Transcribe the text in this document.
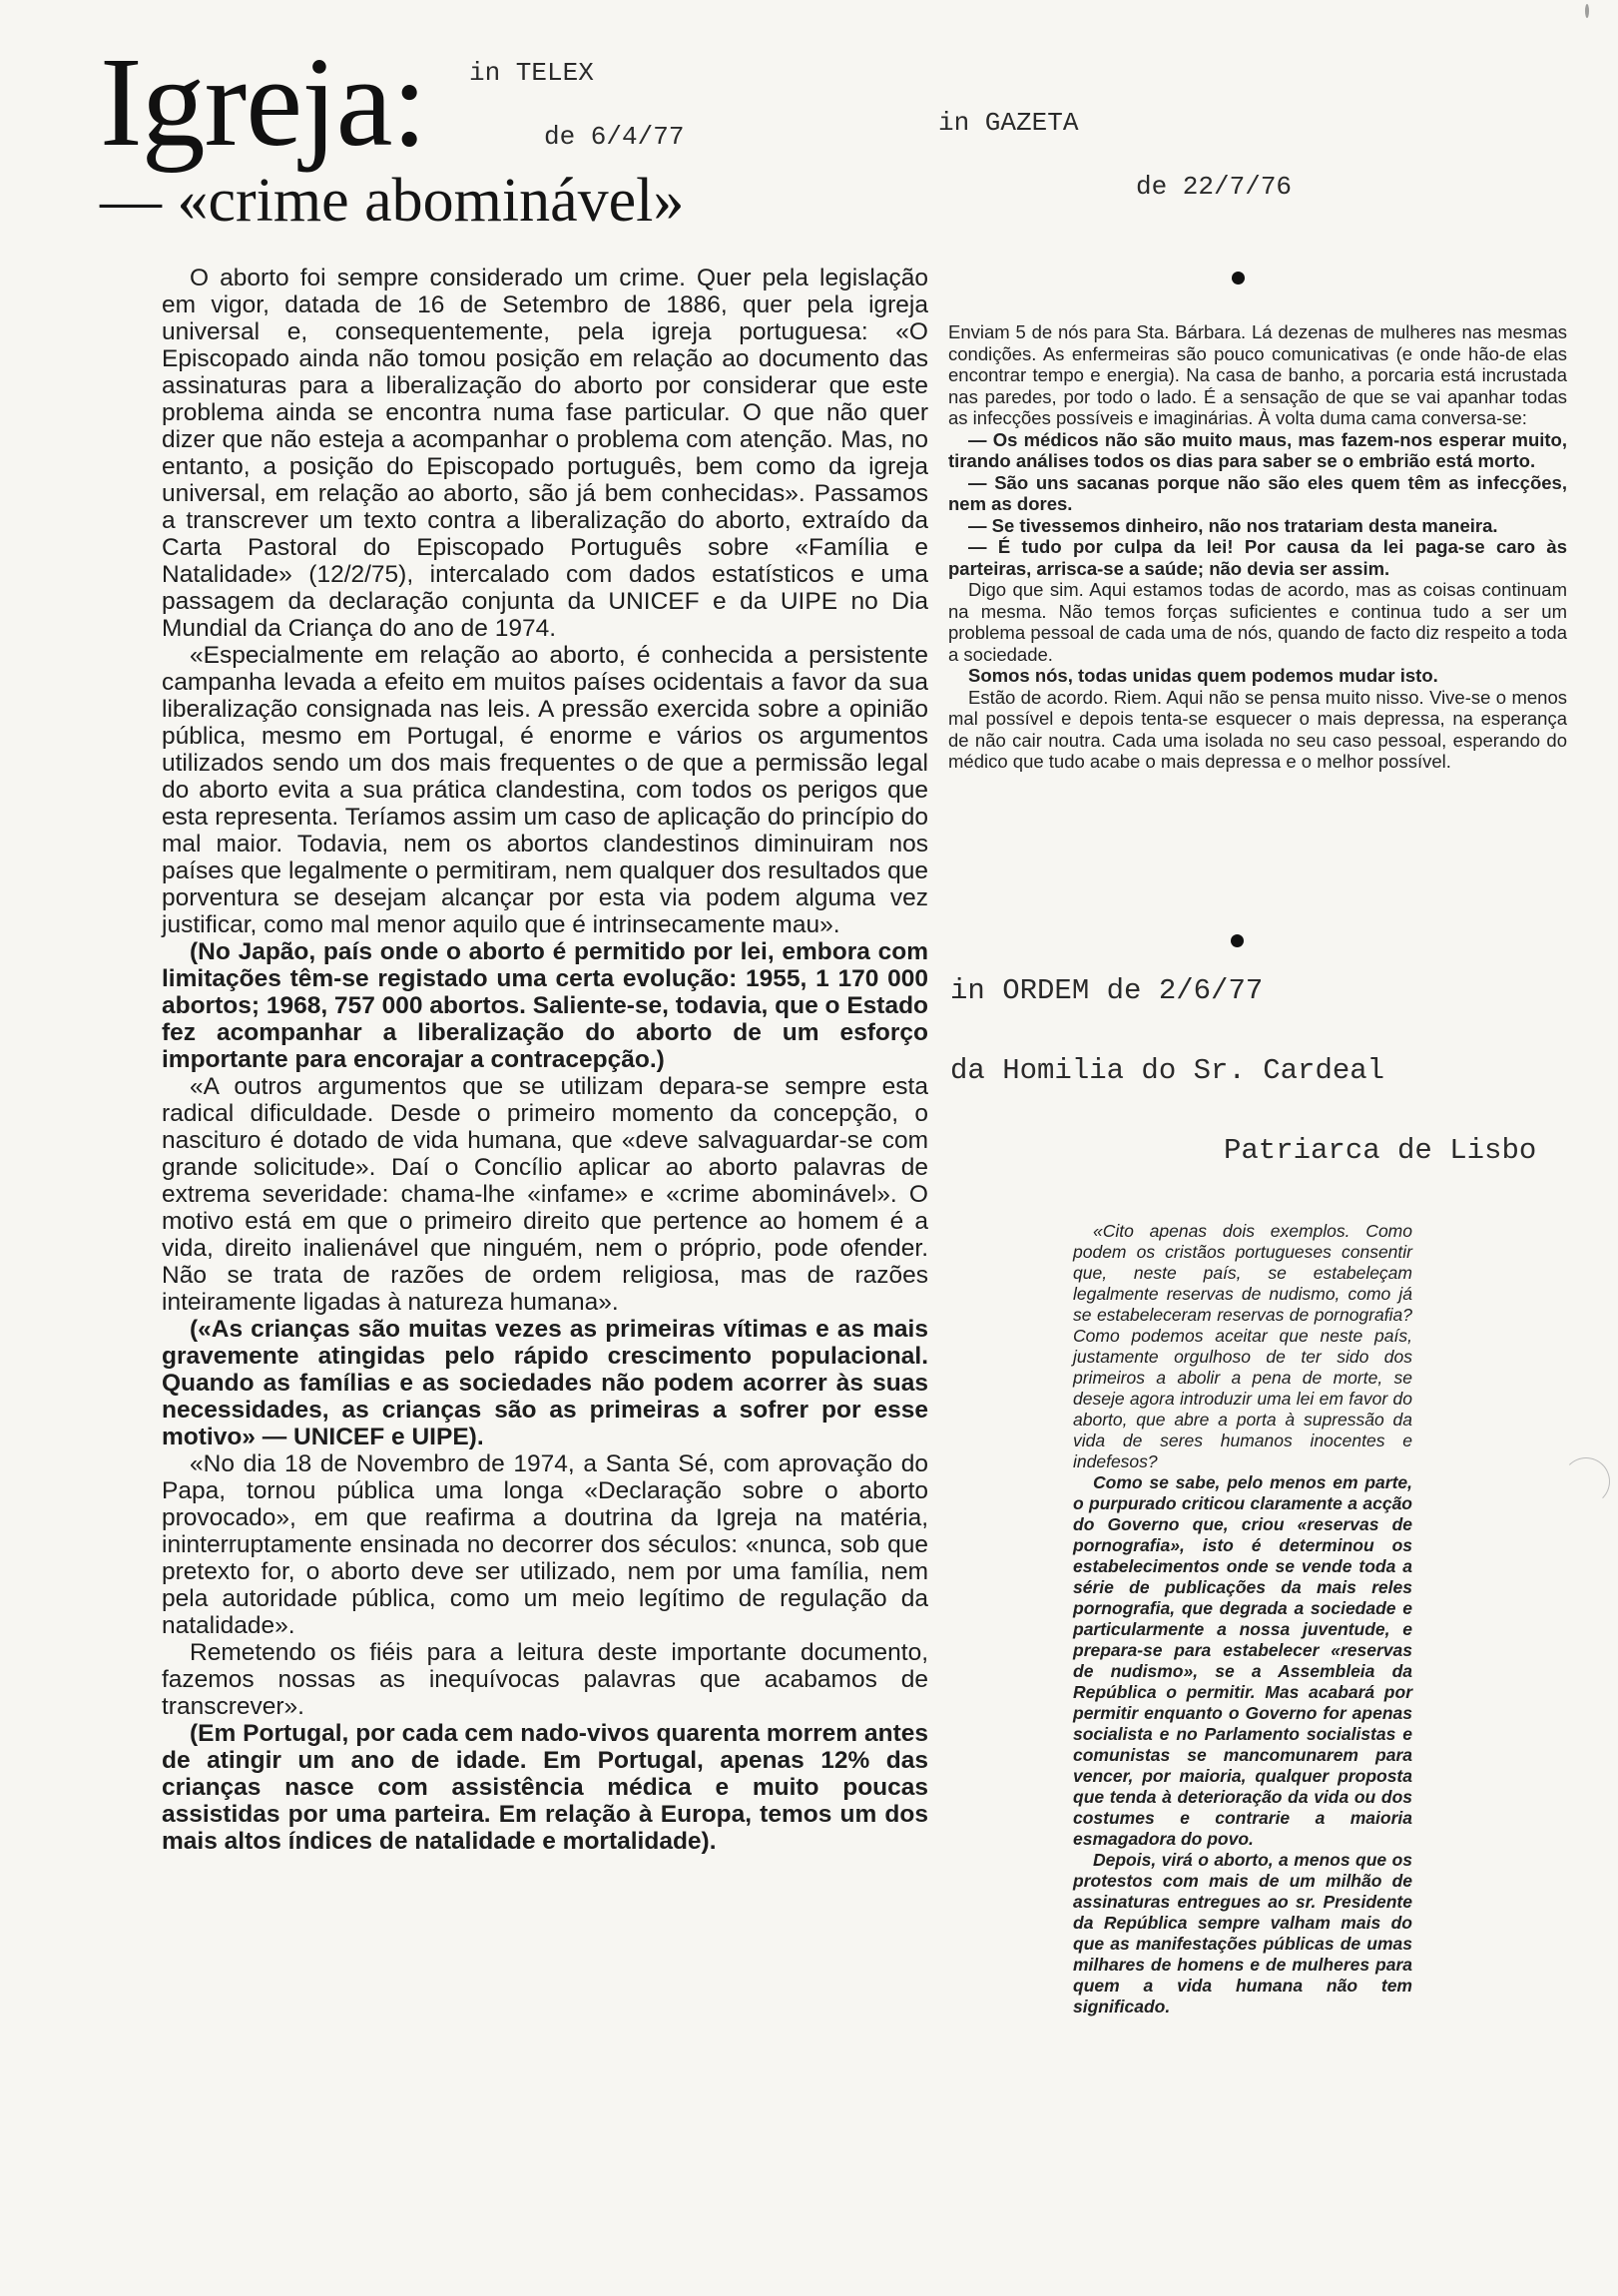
Igreja:
— «crime abominável»
in TELEX
de 6/4/77	in GAZETA
de 22/7/76

O aborto foi sempre considerado um crime. Quer pela legislação em vigor, datada de 16 de Setembro de 1886, quer pela igreja universal e, consequentemente, pela igreja portuguesa: «O Episcopado ainda não tomou posição em relação ao documento das assinaturas para a liberalização do aborto por considerar que este problema ainda se encontra numa fase particular. O que não quer dizer que não esteja a acompanhar o problema com atenção. Mas, no entanto, a posição do Episcopado português, bem como da igreja universal, em relação ao aborto, são já bem conhecidas». Passamos a transcrever um texto contra a liberalização do aborto, extraído da Carta Pastoral do Episcopado Português sobre «Família e Natalidade» (12/2/75), intercalado com dados estatísticos e uma passagem da declaração conjunta da UNICEF e da UIPE no Dia Mundial da Criança do ano de 1974.

«Especialmente em relação ao aborto, é conhecida a persistente campanha levada a efeito em muitos países ocidentais a favor da sua liberalização consignada nas leis. A pressão exercida sobre a opinião pública, mesmo em Portugal, é enorme e vários os argumentos utilizados sendo um dos mais frequentes o de que a permissão legal do aborto evita a sua prática clandestina, com todos os perigos que esta representa. Teríamos assim um caso de aplicação do princípio do mal maior. Todavia, nem os abortos clandestinos diminuiram nos países que legalmente o permitiram, nem qualquer dos resultados que porventura se desejam alcançar por esta via podem alguma vez justificar, como mal menor aquilo que é intrinsecamente mau».

(No Japão, país onde o aborto é permitido por lei, embora com limitações têm-se registado uma certa evolução: 1955, 1 170 000 abortos; 1968, 757 000 abortos. Saliente-se, todavia, que o Estado fez acompanhar a liberalização do aborto de um esforço importante para encorajar a contracepção.)

«A outros argumentos que se utilizam depara-se sempre esta radical dificuldade. Desde o primeiro momento da concepção, o nascituro é dotado de vida humana, que «deve salvaguardar-se com grande solicitude». Daí o Concílio aplicar ao aborto palavras de extrema severidade: chama-lhe «infame» e «crime abominável». O motivo está em que o primeiro direito que pertence ao homem é a vida, direito inalienável que ninguém, nem o próprio, pode ofender. Não se trata de razões de ordem religiosa, mas de razões inteiramente ligadas à natureza humana».

(«As crianças são muitas vezes as primeiras vítimas e as mais gravemente atingidas pelo rápido crescimento populacional. Quando as famílias e as sociedades não podem acorrer às suas necessidades, as crianças são as primeiras a sofrer por esse motivo» — UNICEF e UIPE).

«No dia 18 de Novembro de 1974, a Santa Sé, com aprovação do Papa, tornou pública uma longa «Declaração sobre o aborto provocado», em que reafirma a doutrina da Igreja na matéria, ininterruptamente ensinada no decorrer dos séculos: «nunca, sob que pretexto for, o aborto deve ser utilizado, nem por uma família, nem pela autoridade pública, como um meio legítimo de regulação da natalidade».

Remetendo os fiéis para a leitura deste importante documento, fazemos nossas as inequívocas palavras que acabamos de transcrever».

(Em Portugal, por cada cem nado-vivos quarenta morrem antes de atingir um ano de idade. Em Portugal, apenas 12% das crianças nasce com assistência médica e muito poucas assistidas por uma parteira. Em relação à Europa, temos um dos mais altos índices de natalidade e mortalidade).

Enviam 5 de nós para Sta. Bárbara. Lá dezenas de mulheres nas mesmas condições. As enfermeiras são pouco comunicativas (e onde hão-de elas encontrar tempo e energia). Na casa de banho, a porcaria está incrustada nas paredes, por todo o lado. É a sensação de que se vai apanhar todas as infecções possíveis e imaginárias. À volta duma cama conversa-se:

— Os médicos não são muito maus, mas fazem-nos esperar muito, tirando análises todos os dias para saber se o embrião está morto.

— São uns sacanas porque não são eles quem têm as infecções, nem as dores.

— Se tivessemos dinheiro, não nos tratariam desta maneira.

— É tudo por culpa da lei! Por causa da lei paga-se caro às parteiras, arrisca-se a saúde; não devia ser assim.

Digo que sim. Aqui estamos todas de acordo, mas as coisas continuam na mesma. Não temos forças suficientes e continua tudo a ser um problema pessoal de cada uma de nós, quando de facto diz respeito a toda a sociedade.

Somos nós, todas unidas quem podemos mudar isto.

Estão de acordo. Riem. Aqui não se pensa muito nisso. Vive-se o menos mal possível e depois tenta-se esquecer o mais depressa, na esperança de não cair noutra. Cada uma isolada no seu caso pessoal, esperando do médico que tudo acabe o mais depressa e o melhor possível.

in ORDEM de 2/6/77
da Homilia do Sr. Cardeal
Patriarca de Lisbo

«Cito apenas dois exemplos. Como podem os cristãos portugueses consentir que, neste país, se estabeleçam legalmente reservas de nudismo, como já se estabeleceram reservas de pornografia? Como podemos aceitar que neste país, justamente orgulhoso de ter sido dos primeiros a abolir a pena de morte, se deseje agora introduzir uma lei em favor do aborto, que abre a porta à supressão da vida de seres humanos inocentes e indefesos?

Como se sabe, pelo menos em parte, o purpurado criticou claramente a acção do Governo que, criou «reservas de pornografia», isto é determinou os estabelecimentos onde se vende toda a série de publicações da mais reles pornografia, que degrada a sociedade e particularmente a nossa juventude, e prepara-se para estabelecer «reservas de nudismo», se a Assembleia da República o permitir. Mas acabará por permitir enquanto o Governo for apenas socialista e no Parlamento socialistas e comunistas se mancomunarem para vencer, por maioria, qualquer proposta que tenda à deterioração da vida ou dos costumes e contrarie a maioria esmagadora do povo.

Depois, virá o aborto, a menos que os protestos com mais de um milhão de assinaturas entregues ao sr. Presidente da República sempre valham mais do que as manifestações públicas de umas milhares de homens e de mulheres para quem a vida humana não tem significado.
